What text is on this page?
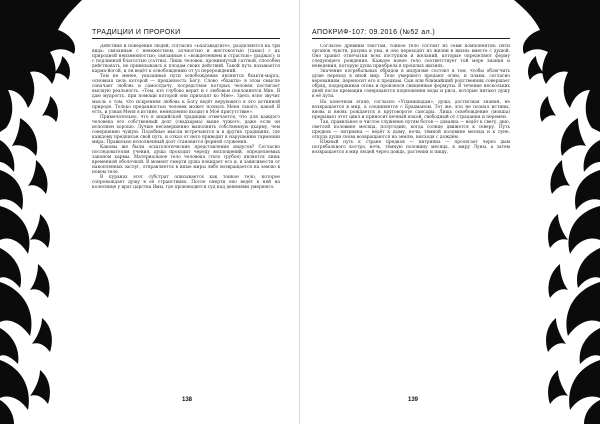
ТРАДИЦИИ И ПРОРОКИ

Действия и поведение людей, согласно «Бхагавадгите», разделяются на три вида: связанные с невежеством, алчностью и жестокостью (тамас) с их природной неизменностью; связанные с «вожделением и страстью» (раджас); и с подлинной благостью (саттва). Лишь человек, проникнутый саттвой, способен действовать, не привязываясь к плодам своих действий. Такой путь называется карма-йогой, и он ведёт к освобождению от уз перерождений.

Тем не менее, указанные пути освобождения являются бхакти-марга, основная цель которой — преданность Богу. Слово «бхакти» в этом смысле означает любовь и самоотдачу, посредством которых человек постигает высшую реальность. «Тем, кто глубоко верит и с любовью поклоняется Мне, Я даю мудрость, при помощи которой они приходят ко Мне». Здесь ясно звучит мысль о том, что искренняя любовь к Богу ведёт верующего к его истинной природе. Только преданностью человек может познать Меня такого, какой Я есть, и узнав Меня в истине, немедленно входит в Моё присутствие».

Примечательно, что в индийской традиции отмечается, что для каждого человека его собственный долг (свадхарма) выше чужого, даже если он исполнен хорошо. Лучше несовершенно выполнять собственную дхарму, чем совершенно чужую. Подобные мысли встречаются и в других традициях, где каждому предписан свой путь, и отказ от него приводит к нарушению гармонии мира. Правильно исполненный долг становится формой служения.

Каковы же были эсхатологические представления индусов? Согласно последователям учения, душа проходит череду воплощений, определяемых законом кармы. Материальное тело человека (тело грубое) является лишь временной оболочкой. В момент смерти душа покидает его и, в зависимости от накопленных заслуг, отправляется в иные миры либо возвращается на землю в новом теле.

В пуранах этот субстрат описывается как тонкое тело, которое сопровождает душу в её странствиях. После смерти оно ведёт к ней на колеснице у врат царства Ямы, где производится суд над деяниями умершего.

138
АПОКРИФ-107: 09.2016 (№52 ал.)

Согласно древним текстам, тонкое тело состоит из семи компонентов: пяти органов чувств, разума и ума, и оно переходит из жизни в жизнь вместе с душой. Оно хранит отпечатки всех поступков и желаний, которые определяют форму следующего рождения. Каждое новое тело соответствует той мере знания и неведения, которую душа приобрела в прошлых жизнях.

Значение погребальных обрядов в индуизме состоит в том, чтобы облегчить душе переход в иной мир. Тело умершего предают огню, и пламя, согласно верованиям, переносит его к предкам. Сын или ближайший родственник совершает обряд, поддерживая огонь и произнося священные формулы. В течение нескольких дней после кремации совершаются подношения воды и риса, которые питают душу в её пути.

На конечном этапе, согласно «Упанишадам», душа, достигшая знания, не возвращается в мир, а соединяется с Брахманом. Тот же, кто не познал истины, вновь и вновь рождается в круговороте сансары. Лишь освобождение (мокша) прерывает этот цикл и приносит вечный покой, свободный от страдания и перемен.

Так, правильное и чистое служение путям богов — дэваяна — ведёт к свету, дню, светлой половине месяца, полугодию, когда солнце движется к северу. Путь предков — питрияна — ведёт к дыму, ночи, тёмной половине месяца и к луне, откуда души снова возвращаются на землю, нисходя с дождём.

Южный путь к стране предков — питрияна — пролегает через дым погребального костра, ночь, тёмную половину месяца, к миру Луны, а затем возвращается в мир людей через дождь, растения и пищу.

139
